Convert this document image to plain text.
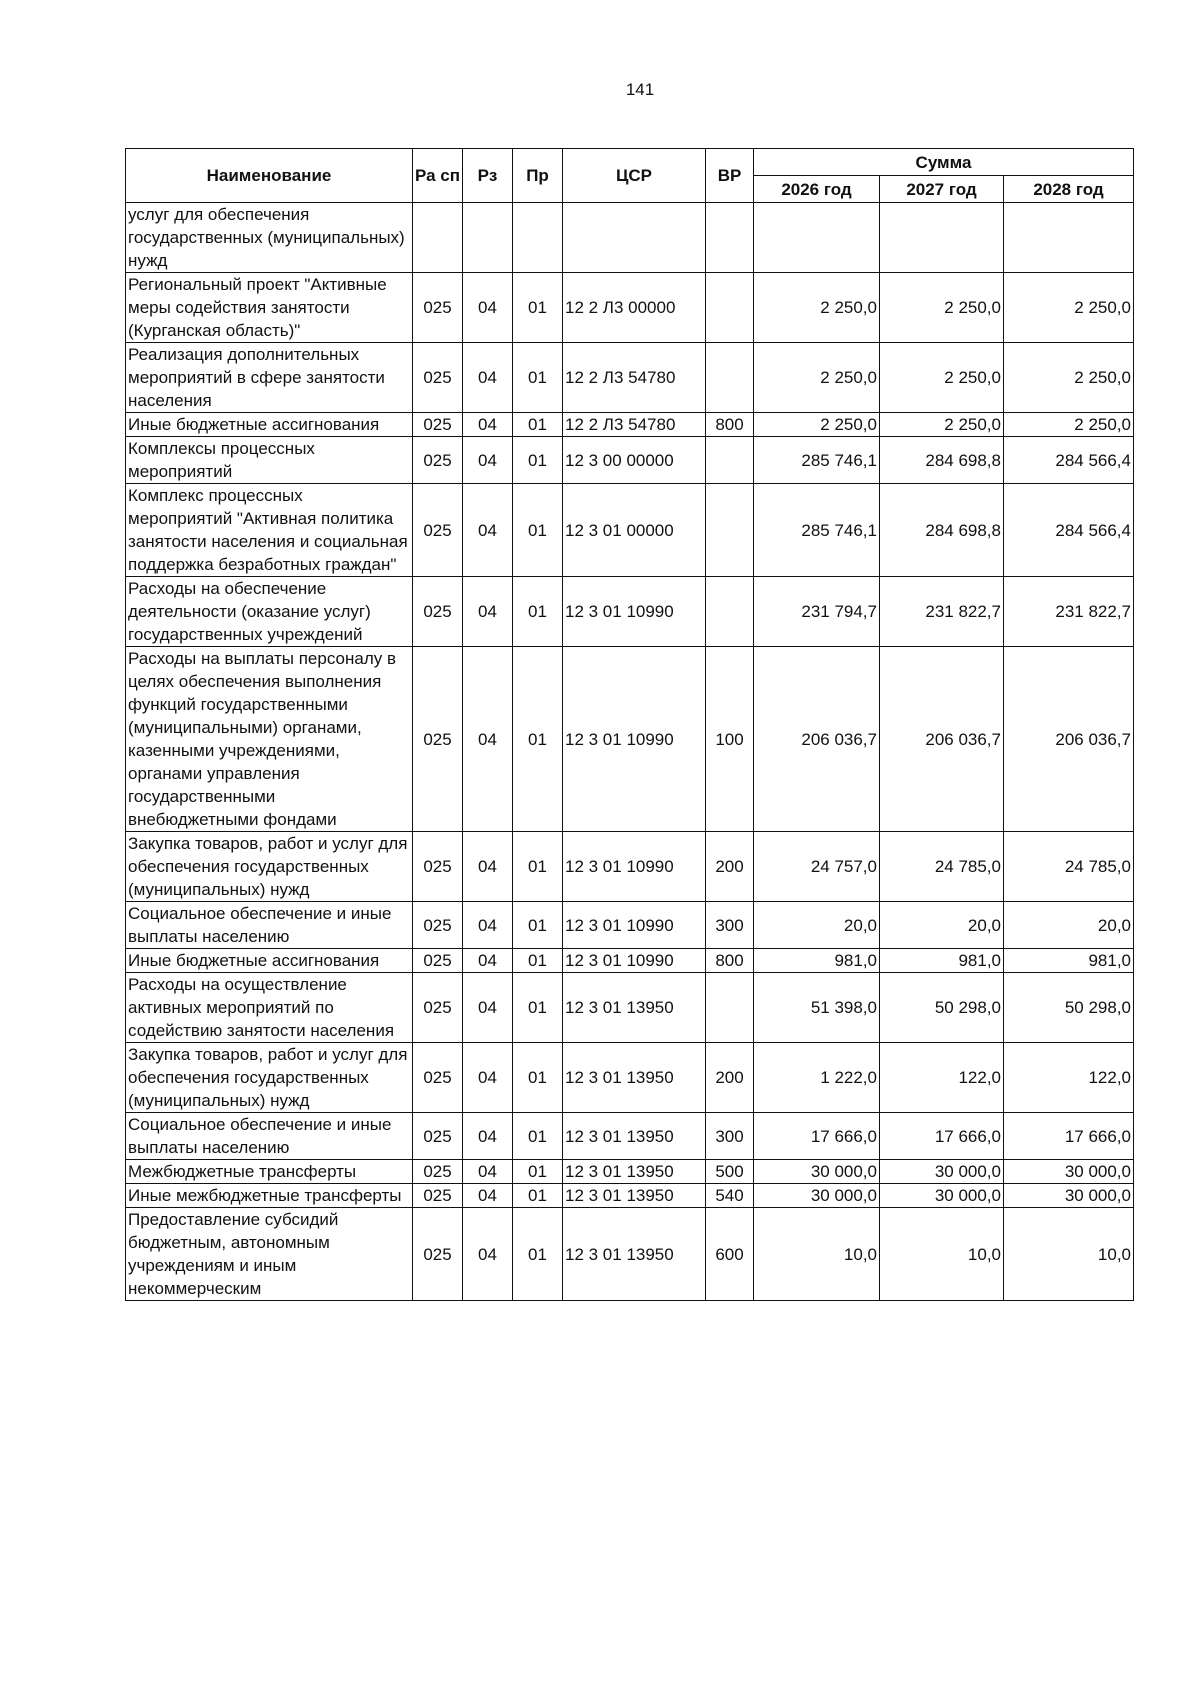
141
Наименование	Ра сп	Рз	Пр	ЦСР	ВР	Сумма		
						2026 год	2027 год	2028 год
услуг для обеспечения государственных (муниципальных) нужд								
Региональный проект "Активные меры содействия занятости (Курганская область)"	025	04	01	12 2 Л3 00000		2 250,0	2 250,0	2 250,0
Реализация дополнительных мероприятий в сфере занятости населения	025	04	01	12 2 Л3 54780		2 250,0	2 250,0	2 250,0
Иные бюджетные ассигнования	025	04	01	12 2 Л3 54780	800	2 250,0	2 250,0	2 250,0
Комплексы процессных мероприятий	025	04	01	12 3 00 00000		285 746,1	284 698,8	284 566,4
Комплекс процессных мероприятий "Активная политика занятости населения и социальная поддержка безработных граждан"	025	04	01	12 3 01 00000		285 746,1	284 698,8	284 566,4
Расходы на обеспечение деятельности (оказание услуг) государственных учреждений	025	04	01	12 3 01 10990		231 794,7	231 822,7	231 822,7
Расходы на выплаты персоналу в целях обеспечения выполнения функций государственными (муниципальными) органами, казенными учреждениями, органами управления государственными внебюджетными фондами	025	04	01	12 3 01 10990	100	206 036,7	206 036,7	206 036,7
Закупка товаров, работ и услуг для обеспечения государственных (муниципальных) нужд	025	04	01	12 3 01 10990	200	24 757,0	24 785,0	24 785,0
Социальное обеспечение и иные выплаты населению	025	04	01	12 3 01 10990	300	20,0	20,0	20,0
Иные бюджетные ассигнования	025	04	01	12 3 01 10990	800	981,0	981,0	981,0
Расходы на осуществление активных мероприятий по содействию занятости населения	025	04	01	12 3 01 13950		51 398,0	50 298,0	50 298,0
Закупка товаров, работ и услуг для обеспечения государственных (муниципальных) нужд	025	04	01	12 3 01 13950	200	1 222,0	122,0	122,0
Социальное обеспечение и иные выплаты населению	025	04	01	12 3 01 13950	300	17 666,0	17 666,0	17 666,0
Межбюджетные трансферты	025	04	01	12 3 01 13950	500	30 000,0	30 000,0	30 000,0
Иные межбюджетные трансферты	025	04	01	12 3 01 13950	540	30 000,0	30 000,0	30 000,0
Предоставление субсидий бюджетным, автономным учреждениям и иным некоммерческим	025	04	01	12 3 01 13950	600	10,0	10,0	10,0
